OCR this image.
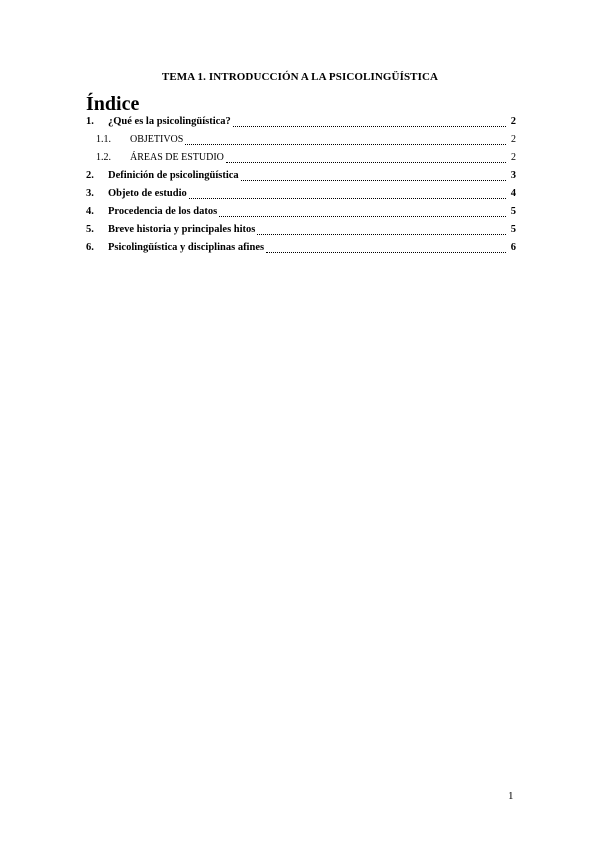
TEMA 1. INTRODUCCIÓN A LA PSICOLINGÜÍSTICA
Índice
1.	¿Qué es la psicolingüística?	2
1.1.	OBJETIVOS	2
1.2.	ÁREAS DE ESTUDIO	2
2.	Definición de psicolingüística	3
3.	Objeto de estudio	4
4.	Procedencia de los datos	5
5.	Breve historia y principales hitos	5
6.	Psicolingüística y disciplinas afines	6
1
